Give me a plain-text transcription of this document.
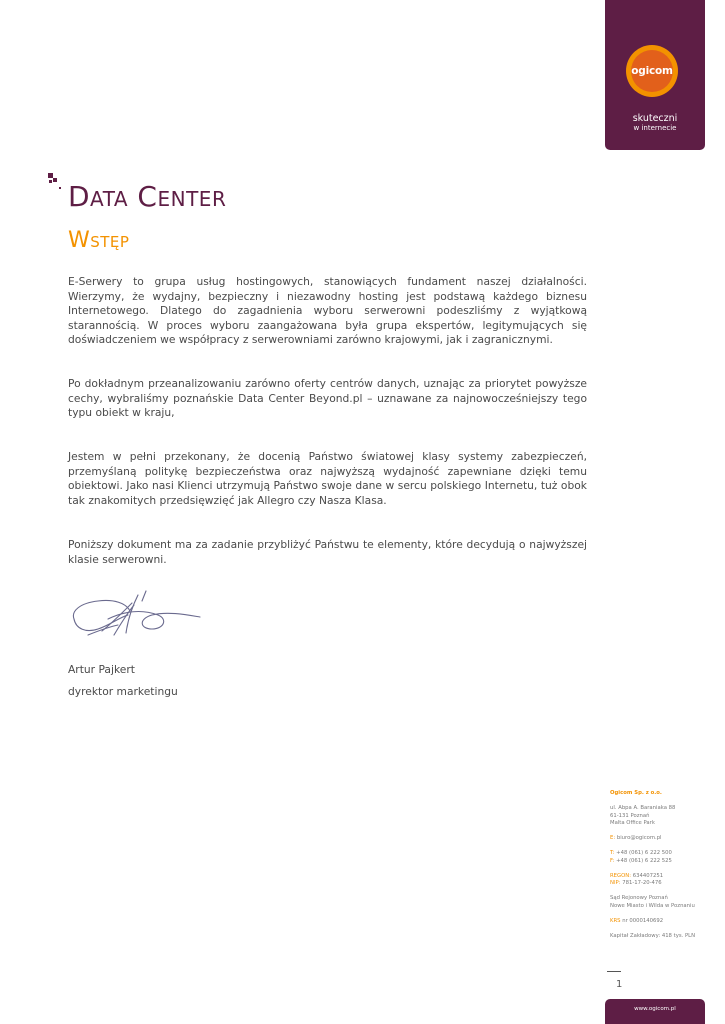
ogicom
skuteczni
w internecie
Data Center
Wstęp

E-Serwery to grupa usług hostingowych, stanowiących fundament naszej działalności. Wierzymy, że wydajny, bezpieczny i niezawodny hosting jest podstawą każdego biznesu Internetowego. Dlatego do zagadnienia wyboru serwerowni podeszliśmy z wyjątkową starannością. W proces wyboru zaangażowana była grupa ekspertów, legitymujących się doświadczeniem we współpracy z serwerowniami zarówno krajowymi, jak i zagranicznymi.

Po dokładnym przeanalizowaniu zarówno oferty centrów danych, uznając za priorytet powyższe cechy, wybraliśmy poznańskie Data Center Beyond.pl – uznawane za najnowocześniejszy tego typu obiekt w kraju,

Jestem w pełni przekonany, że docenią Państwo światowej klasy systemy zabezpieczeń, przemyślaną politykę bezpieczeństwa oraz najwyższą wydajność zapewniane dzięki temu obiektowi. Jako nasi Klienci utrzymują Państwo swoje dane w sercu polskiego Internetu, tuż obok tak znakomitych przedsięwzięć jak Allegro czy Nasza Klasa.

Poniższy dokument ma za zadanie przybliżyć Państwu te elementy, które decydują o najwyższej klasie serwerowni.

Artur Pajkert

dyrektor marketingu

Ogicom Sp. z o.o.
ul. Abpa A. Baraniaka 88
61-131 Poznań
Malta Office Park
E: biuro@ogicom.pl
T: +48 (061) 6 222 500
F: +48 (061) 6 222 525
REGON: 634407251
NIP: 781-17-20-476
Sąd Rejonowy Poznań
Nowe Miasto i Wilda w Poznaniu
KRS nr 0000140692
Kapitał Zakładowy: 418 tys. PLN
1
www.ogicom.pl
